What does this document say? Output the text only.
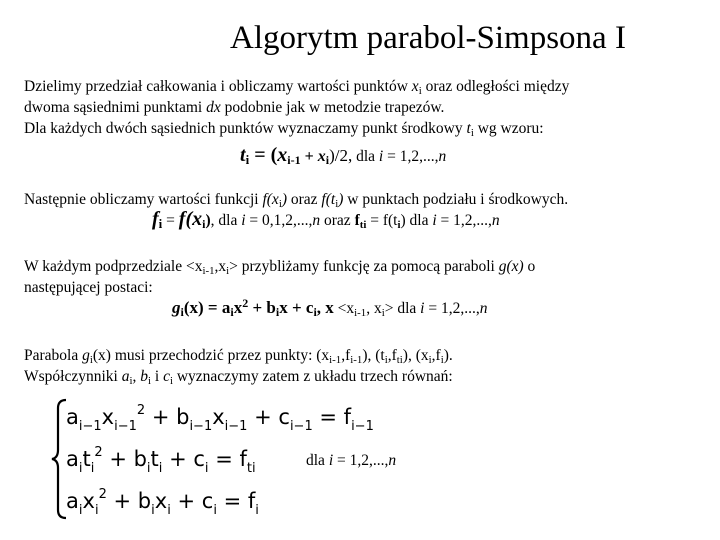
Algorytm parabol-Simpsona I
Dzielimy przedział całkowania i obliczamy wartości punktów $x_i$ oraz odległości między
dwoma sąsiednimi punktami dx podobnie jak w metodzie trapezów.
Dla każdych dwóch sąsiednich punktów wyznaczamy punkt środkowy $t_i$ wg wzoru:
$t_i = (x_{i-1} + x_i)/2$, dla i = 1,2,...,n
Następnie obliczamy wartości funkcji $f(x_i)$ oraz $f(t_i)$ w punktach podziału i środkowych.
$f_i = f(x_i)$, dla i = 0,1,2,...,n oraz $f_{ti} = f(t_i)$ dla i = 1,2,...,n
W każdym podprzedziale $<x_{i-1},x_i>$ przybliżamy funkcję za pomocą paraboli g(x) o
następującej postaci:
$g_i(x) = a_ix^2 + b_ix + c_i$, $x <x_{i-1}$, $x_i>$ dla i = 1,2,...,n
Parabola $g_i(x)$ musi przechodzić przez punkty: $(x_{i-1},f_{i-1})$, $(t_i,f_{ti})$, $(x_i,f_i)$.
Współczynniki $a_i$, $b_i$ i $c_i$ wyznaczymy zatem z układu trzech równań:
$a_{i-1}x_{i-1}^2 + b_{i-1}x_{i-1} + c_{i-1} = f_{i-1}$
$a_it_i^2 + b_it_i + c_i = f_{ti}$
$a_ix_i^2 + b_ix_i + c_i = f_i$
dla i = 1,2,...,n
